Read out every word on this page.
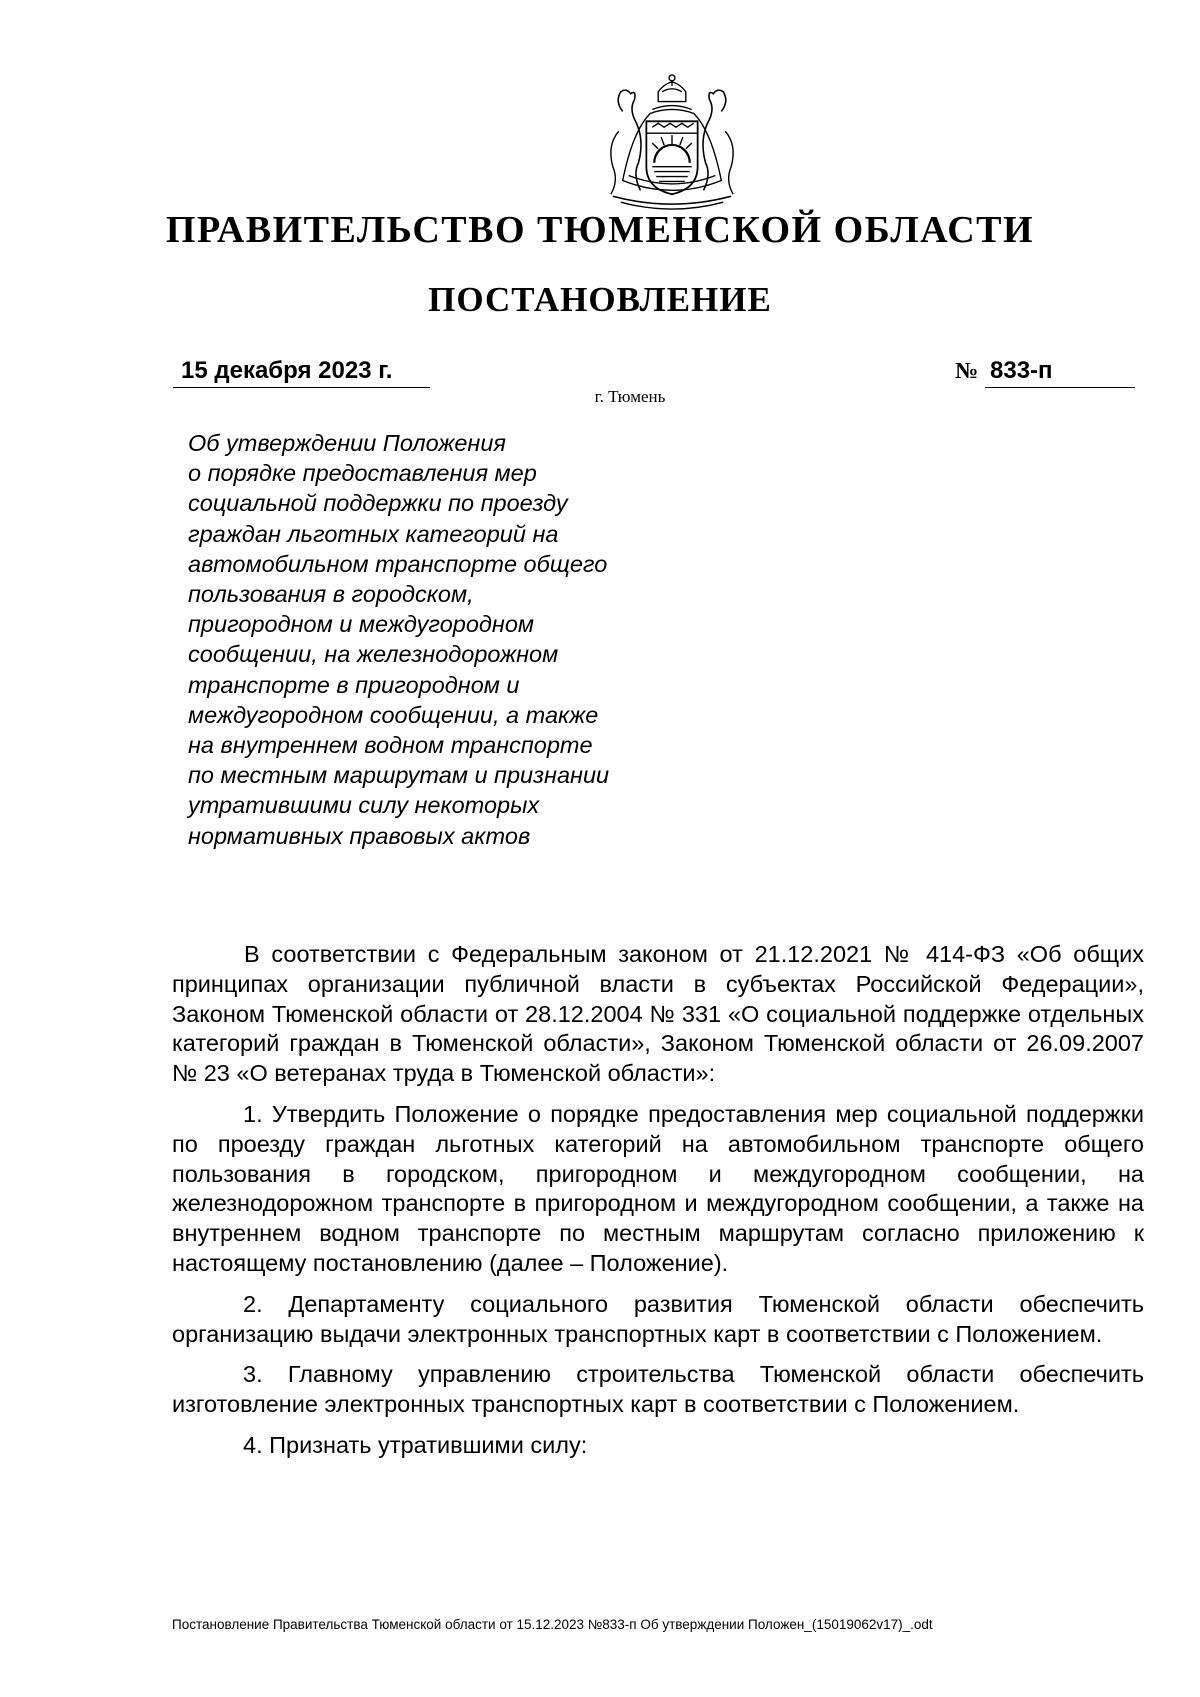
ПРАВИТЕЛЬСТВО ТЮМЕНСКОЙ ОБЛАСТИ
ПОСТАНОВЛЕНИЕ
15 декабря 2023 г.	№ 833-п
г. Тюмень
Об утверждении Положения
о порядке предоставления мер
социальной поддержки по проезду
граждан льготных категорий на
автомобильном транспорте общего
пользования в городском,
пригородном и междугородном
сообщении, на железнодорожном
транспорте в пригородном и
междугородном сообщении, а также
на внутреннем водном транспорте
по местным маршрутам и признании
утратившими силу некоторых
нормативных правовых актов

В соответствии с Федеральным законом от 21.12.2021 № 414-ФЗ «Об общих принципах организации публичной власти в субъектах Российской Федерации», Законом Тюменской области от 28.12.2004 № 331 «О социальной поддержке отдельных категорий граждан в Тюменской области», Законом Тюменской области от 26.09.2007 № 23 «О ветеранах труда в Тюменской области»:

1. Утвердить Положение о порядке предоставления мер социальной поддержки по проезду граждан льготных категорий на автомобильном транспорте общего пользования в городском, пригородном и междугородном сообщении, на железнодорожном транспорте в пригородном и междугородном сообщении, а также на внутреннем водном транспорте по местным маршрутам согласно приложению к настоящему постановлению (далее – Положение).

2. Департаменту социального развития Тюменской области обеспечить организацию выдачи электронных транспортных карт в соответствии с Положением.

3. Главному управлению строительства Тюменской области обеспечить изготовление электронных транспортных карт в соответствии с Положением.

4. Признать утратившими силу:

Постановление Правительства Тюменской области от 15.12.2023 №833-п Об утверждении Положен_(15019062v17)_.odt
